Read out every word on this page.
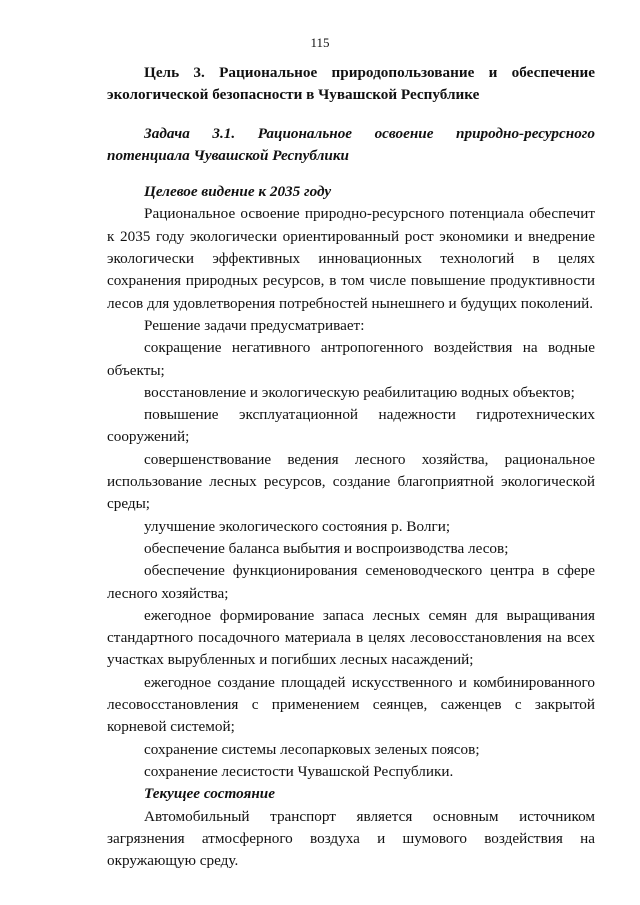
115

Цель 3. Рациональное природопользование и обеспечение экологической безопасности в Чувашской Республике

Задача 3.1. Рациональное освоение природно-ресурсного потенциала Чувашской Республики

Целевое видение к 2035 году

Рациональное освоение природно-ресурсного потенциала обеспечит к 2035 году экологически ориентированный рост экономики и внедрение экологически эффективных инновационных технологий в целях сохранения природных ресурсов, в том числе повышение продуктивности лесов для удовлетворения потребностей нынешнего и будущих поколений.

Решение задачи предусматривает:

сокращение негативного антропогенного воздействия на водные объекты;

восстановление и экологическую реабилитацию водных объектов;

повышение эксплуатационной надежности гидротехнических сооружений;

совершенствование ведения лесного хозяйства, рациональное использование лесных ресурсов, создание благоприятной экологической среды;

улучшение экологического состояния р. Волги;

обеспечение баланса выбытия и воспроизводства лесов;

обеспечение функционирования семеноводческого центра в сфере лесного хозяйства;

ежегодное формирование запаса лесных семян для выращивания стандартного посадочного материала в целях лесовосстановления на всех участках вырубленных и погибших лесных насаждений;

ежегодное создание площадей искусственного и комбинированного лесовосстановления с применением сеянцев, саженцев с закрытой корневой системой;

сохранение системы лесопарковых зеленых поясов;

сохранение лесистости Чувашской Республики.

Текущее состояние

Автомобильный транспорт является основным источником загрязнения атмосферного воздуха и шумового воздействия на окружающую среду.
